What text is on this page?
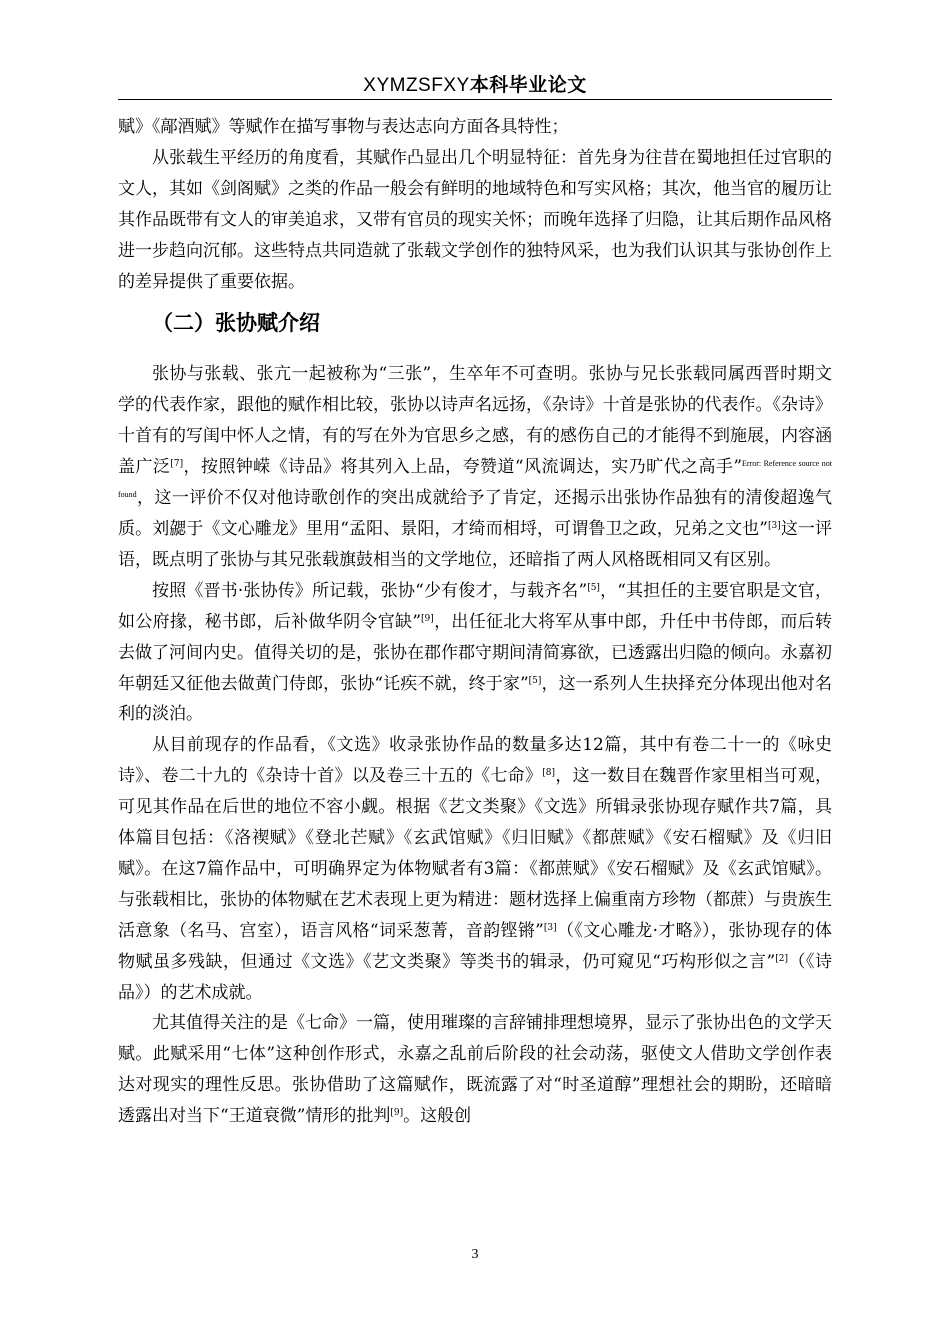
XYMZSFXY本科毕业论文

赋》《鄗酒赋》等赋作在描写事物与表达志向方面各具特性；

从张载生平经历的角度看，其赋作凸显出几个明显特征：首先身为往昔在蜀地担任过官职的文人，其如《剑阁赋》之类的作品一般会有鲜明的地域特色和写实风格；其次，他当官的履历让其作品既带有文人的审美追求，又带有官员的现实关怀；而晚年选择了归隐，让其后期作品风格进一步趋向沉郁。这些特点共同造就了张载文学创作的独特风采，也为我们认识其与张协创作上的差异提供了重要依据。

（二）张协赋介绍

张协与张载、张亢一起被称为“三张”，生卒年不可查明。张协与兄长张载同属西晋时期文学的代表作家，跟他的赋作相比较，张协以诗声名远扬，《杂诗》十首是张协的代表作。《杂诗》十首有的写闺中怀人之情，有的写在外为官思乡之感，有的感伤自己的才能得不到施展，内容涵盖广泛[7]，按照钟嵘《诗品》将其列入上品，夸赞道“风流调达，实乃旷代之高手”$^{Error: Reference source not found}$，这一评价不仅对他诗歌创作的突出成就给予了肯定，还揭示出张协作品独有的清俊超逸气质。刘勰于《文心雕龙》里用“孟阳、景阳，才绮而相埒，可谓鲁卫之政，兄弟之文也”[3]这一评语，既点明了张协与其兄张载旗鼓相当的文学地位，还暗指了两人风格既相同又有区别。

按照《晋书·张协传》所记载，张协“少有俊才，与载齐名”[5]，“其担任的主要官职是文官，如公府掾，秘书郎，后补做华阴令官缺”[9]，出任征北大将军从事中郎，升任中书侍郎，而后转去做了河间内史。值得关切的是，张协在郡作郡守期间清简寡欲，已透露出归隐的倾向。永嘉初年朝廷又征他去做黄门侍郎，张协“讬疾不就，终于家”[5]，这一系列人生抉择充分体现出他对名利的淡泊。

从目前现存的作品看，《文选》收录张协作品的数量多达12篇，其中有卷二十一的《咏史诗》、卷二十九的《杂诗十首》以及卷三十五的《七命》[8]，这一数目在魏晋作家里相当可观，可见其作品在后世的地位不容小觑。根据《艺文类聚》《文选》所辑录张协现存赋作共7篇，具体篇目包括：《洛禊赋》《登北芒赋》《玄武馆赋》《归旧赋》《都蔗赋》《安石榴赋》及《归旧赋》。在这7篇作品中，可明确界定为体物赋者有3篇：《都蔗赋》《安石榴赋》及《玄武馆赋》。与张载相比，张协的体物赋在艺术表现上更为精进：题材选择上偏重南方珍物（都蔗）与贵族生活意象（名马、宫室），语言风格“词采葱菁，音韵铿锵”[3]（《文心雕龙·才略》），张协现存的体物赋虽多残缺，但通过《文选》《艺文类聚》等类书的辑录，仍可窥见“巧构形似之言”[2]（《诗品》）的艺术成就。

尤其值得关注的是《七命》一篇，使用璀璨的言辞铺排理想境界，显示了张协出色的文学天赋。此赋采用“七体”这种创作形式，永嘉之乱前后阶段的社会动荡，驱使文人借助文学创作表达对现实的理性反思。张协借助了这篇赋作，既流露了对“时圣道醇”理想社会的期盼，还暗暗透露出对当下“王道衰微”情形的批判[9]。这般创

3
